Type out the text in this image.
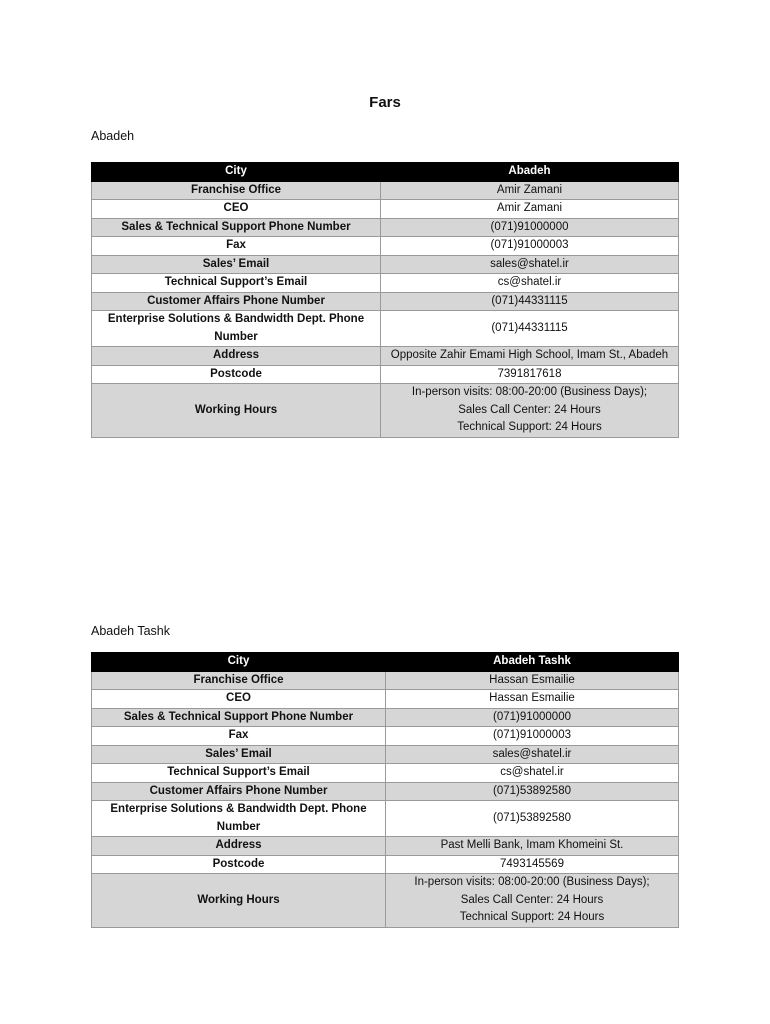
Fars
Abadeh
City	Abadeh
Franchise Office	Amir Zamani

CEO	Amir Zamani

Sales & Technical Support Phone Number	(071)91000000

Fax	(071)91000003

Sales’ Email	sales@shatel.ir

Technical Support’s Email	cs@shatel.ir

Customer Affairs Phone Number	(071)44331115

Enterprise Solutions & Bandwidth Dept. Phone Number	(071)44331115

Address	Opposite Zahir Emami High School, Imam St., Abadeh

Postcode	7391817618

Working Hours	In-person visits: 08:00-20:00 (Business Days);
Sales Call Center: 24 Hours
Technical Support: 24 Hours
Abadeh Tashk
City	Abadeh Tashk
Franchise Office	Hassan Esmailie

CEO	Hassan Esmailie

Sales & Technical Support Phone Number	(071)91000000

Fax	(071)91000003

Sales’ Email	sales@shatel.ir

Technical Support’s Email	cs@shatel.ir

Customer Affairs Phone Number	(071)53892580

Enterprise Solutions & Bandwidth Dept. Phone Number	(071)53892580

Address	Past Melli Bank, Imam Khomeini St.

Postcode	7493145569

Working Hours	In-person visits: 08:00-20:00 (Business Days);
Sales Call Center: 24 Hours
Technical Support: 24 Hours
